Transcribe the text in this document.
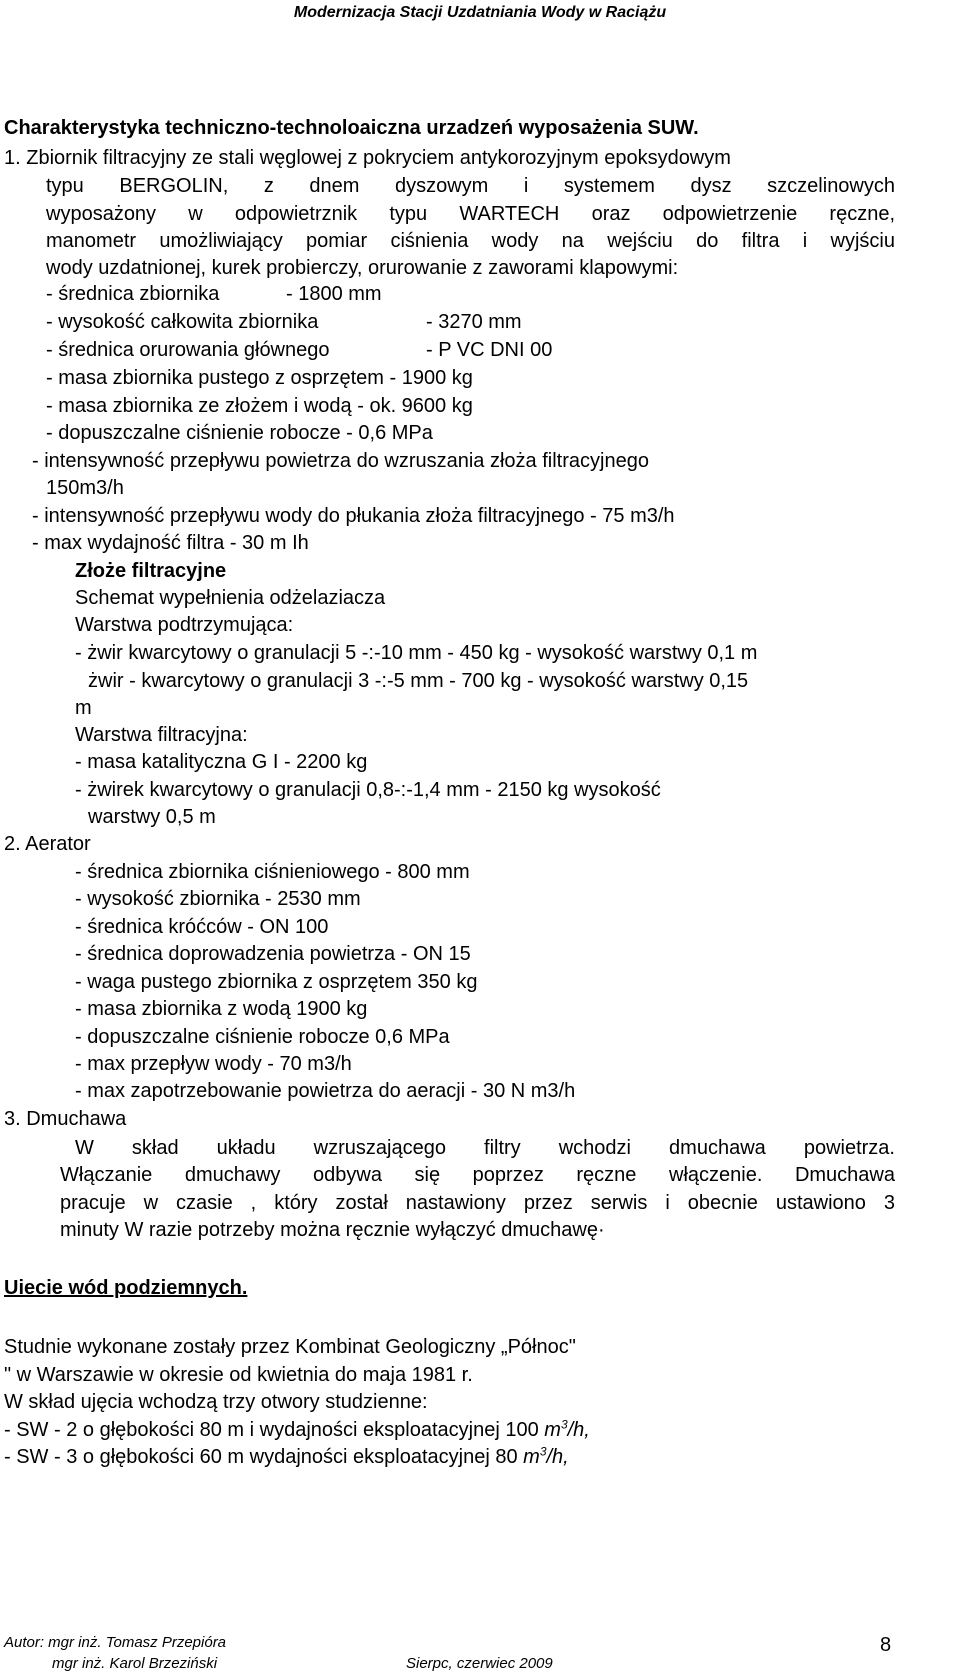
Modernizacja Stacji Uzdatniania Wody w Raciążu
Charakterystyka techniczno-technoloaiczna urzadzeń wyposażenia SUW.
1. Zbiornik filtracyjny ze stali węglowej z pokryciem antykorozyjnym epoksydowym
typu BERGOLIN, z dnem dyszowym i systemem dysz szczelinowych
wyposażony w odpowietrznik typu WARTECH oraz odpowietrzenie ręczne,
manometr umożliwiający pomiar ciśnienia wody na wejściu do filtra i wyjściu
wody uzdatnionej, kurek probierczy, orurowanie z zaworami klapowymi:
- średnica zbiornika	- 1800 mm
- wysokość całkowita zbiornika	- 3270 mm
- średnica orurowania głównego	- P VC DNI 00
- masa zbiornika pustego z osprzętem - 1900 kg
- masa zbiornika ze złożem i wodą - ok. 9600 kg
- dopuszczalne ciśnienie robocze - 0,6 MPa
- intensywność przepływu powietrza do wzruszania złoża filtracyjnego
150m3/h
- intensywność przepływu wody do płukania złoża filtracyjnego - 75 m3/h
- max wydajność filtra - 30 m Ih
Złoże filtracyjne
Schemat wypełnienia odżelaziacza
Warstwa podtrzymująca:
- żwir kwarcytowy o granulacji 5 -:-10 mm - 450 kg - wysokość warstwy 0,1 m
żwir - kwarcytowy o granulacji 3 -:-5 mm - 700 kg - wysokość warstwy 0,15
m
Warstwa filtracyjna:
- masa katalityczna G I - 2200 kg
- żwirek kwarcytowy o granulacji 0,8-:-1,4 mm - 2150 kg wysokość
warstwy 0,5 m
2. Aerator
- średnica zbiornika ciśnieniowego - 800 mm
- wysokość zbiornika - 2530 mm
- średnica króćców - ON 100
- średnica doprowadzenia powietrza - ON 15
- waga pustego zbiornika z osprzętem 350 kg
- masa zbiornika z wodą 1900 kg
- dopuszczalne ciśnienie robocze 0,6 MPa
- max przepływ wody - 70 m3/h
- max zapotrzebowanie powietrza do aeracji - 30 N m3/h
3. Dmuchawa
W skład układu wzruszającego filtry wchodzi dmuchawa powietrza.
Włączanie dmuchawy odbywa się poprzez ręczne włączenie. Dmuchawa
pracuje w czasie , który został nastawiony przez serwis i obecnie ustawiono 3
minuty W razie potrzeby można ręcznie wyłączyć dmuchawę·
Uiecie wód podziemnych.
Studnie wykonane zostały przez Kombinat Geologiczny „Północ"
" w Warszawie w okresie od kwietnia do maja 1981 r.
W skład ujęcia wchodzą trzy otwory studzienne:
- SW - 2 o głębokości 80 m i wydajności eksploatacyjnej 100 $m^3/h$,
- SW - 3 o głębokości 60 m wydajności eksploatacyjnej 80 $m^3/h$,
Autor: mgr inż. Tomasz Przepióra
mgr inż. Karol Brzeziński	Sierpc, czerwiec 2009
8
